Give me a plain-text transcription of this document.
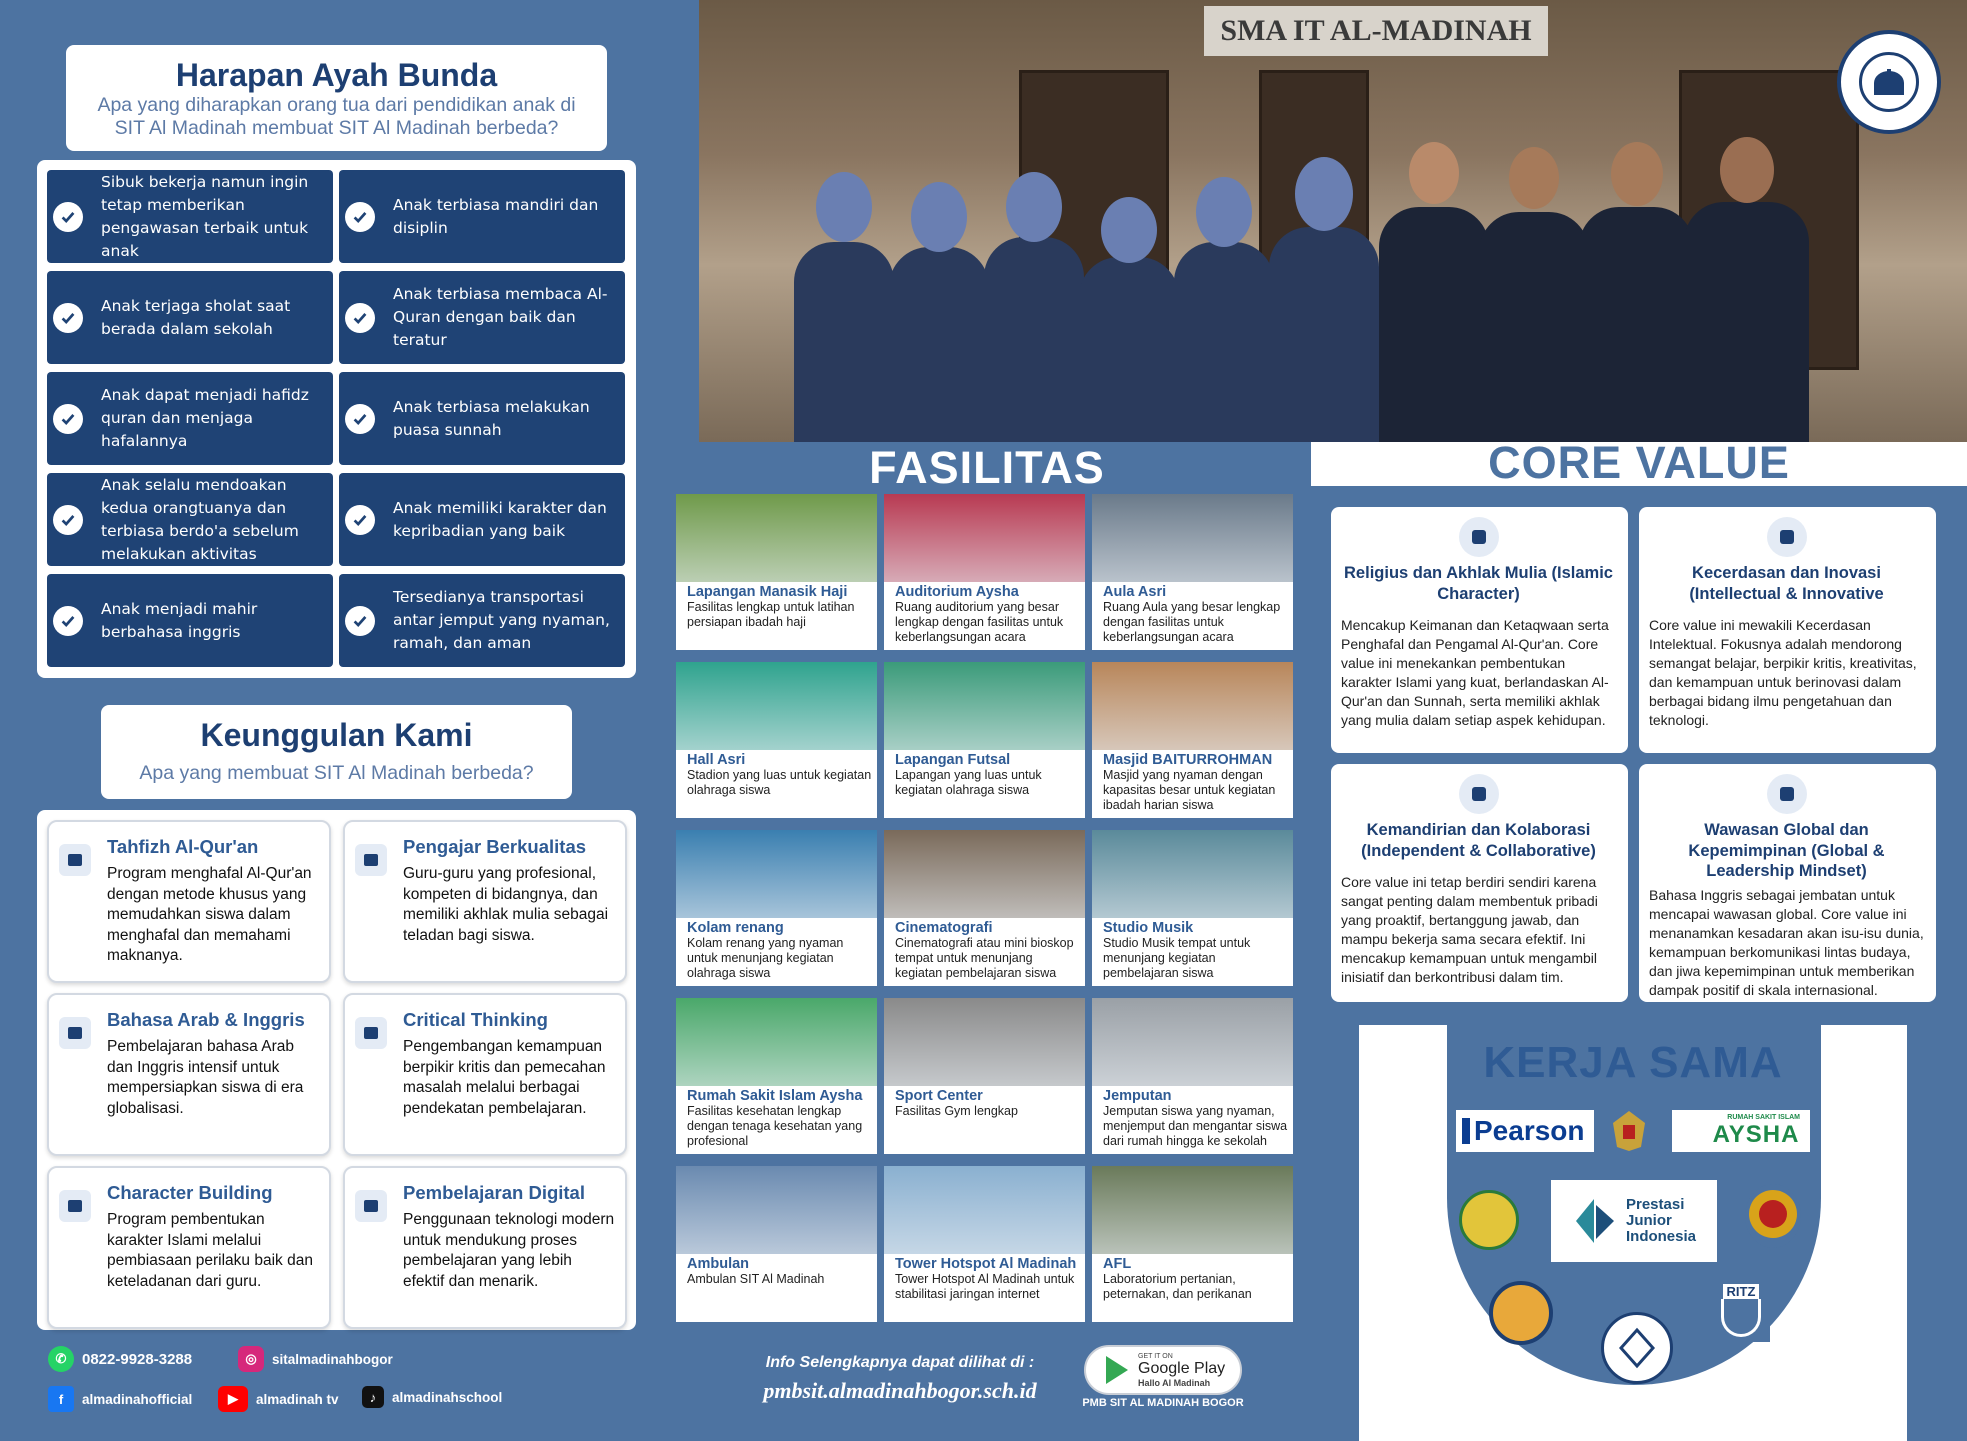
Harapan Ayah Bunda
Apa yang diharapkan orang tua dari pendidikan anak di SIT Al Madinah membuat SIT Al Madinah berbeda?
Sibuk bekerja namun ingin tetap memberikan pengawasan terbaik untuk anak
Anak terbiasa mandiri dan disiplin
Anak terjaga sholat saat berada dalam sekolah
Anak terbiasa membaca Al-Quran dengan baik dan teratur
Anak dapat menjadi hafidz quran dan menjaga hafalannya
Anak terbiasa melakukan puasa sunnah
Anak selalu mendoakan kedua orangtuanya dan terbiasa berdo'a sebelum melakukan aktivitas
Anak memiliki karakter dan kepribadian yang baik
Anak menjadi mahir berbahasa inggris
Tersedianya transportasi antar jemput yang nyaman, ramah, dan aman
Keunggulan Kami
Apa yang membuat SIT Al Madinah berbeda?
Tahfizh Al-Qur'an
Program menghafal Al-Qur'an dengan metode khusus yang memudahkan siswa dalam menghafal dan memahami maknanya.
Pengajar Berkualitas
Guru-guru yang profesional, kompeten di bidangnya, dan memiliki akhlak mulia sebagai teladan bagi siswa.
Bahasa Arab & Inggris
Pembelajaran bahasa Arab dan Inggris intensif untuk mempersiapkan siswa di era globalisasi.
Critical Thinking
Pengembangan kemampuan berpikir kritis dan pemecahan masalah melalui berbagai pendekatan pembelajaran.
Character Building
Program pembentukan karakter Islami melalui pembiasaan perilaku baik dan keteladanan dari guru.
Pembelajaran Digital
Penggunaan teknologi modern untuk mendukung proses pembelajaran yang lebih efektif dan menarik.
✆	0822-9928-3288	◎	sitalmadinahbogor
f	almadinahofficial	▶	almadinah tv	♪	almadinahschool
SMA IT AL-MADINAH
FASILITAS
Lapangan Manasik Haji
Fasilitas lengkap untuk latihan persiapan ibadah haji
Auditorium Aysha
Ruang auditorium yang besar lengkap dengan fasilitas untuk keberlangsungan acara
Aula Asri
Ruang Aula yang besar lengkap dengan fasilitas untuk keberlangsungan acara
Hall Asri
Stadion yang luas untuk kegiatan olahraga siswa
Lapangan Futsal
Lapangan yang luas untuk kegiatan olahraga siswa
Masjid BAITURROHMAN
Masjid yang nyaman dengan kapasitas besar untuk kegiatan ibadah harian siswa
Kolam renang
Kolam renang yang nyaman untuk menunjang kegiatan olahraga siswa
Cinematografi
Cinematografi atau mini bioskop tempat untuk menunjang kegiatan pembelajaran siswa
Studio Musik
Studio Musik tempat untuk menunjang kegiatan pembelajaran siswa
Rumah Sakit Islam Aysha
Fasilitas kesehatan lengkap dengan tenaga kesehatan yang profesional
Sport Center
Fasilitas Gym lengkap
Jemputan
Jemputan siswa yang nyaman, menjemput dan mengantar siswa dari rumah hingga ke sekolah
Ambulan
Ambulan SIT Al Madinah
Tower Hotspot Al Madinah
Tower Hotspot Al Madinah untuk stabilitasi jaringan internet
AFL
Laboratorium pertanian, peternakan, dan perikanan
Info Selengkapnya dapat dilihat di :
pmbsit.almadinahbogor.sch.id
GET IT ON
Google Play
Hallo Al Madinah
PMB SIT AL MADINAH BOGOR
CORE VALUE
Religius dan Akhlak Mulia (Islamic Character)
Mencakup Keimanan dan Ketaqwaan serta Penghafal dan Pengamal Al-Qur'an. Core value ini menekankan pembentukan karakter Islami yang kuat, berlandaskan Al-Qur'an dan Sunnah, serta memiliki akhlak yang mulia dalam setiap aspek kehidupan.
Kecerdasan dan Inovasi (Intellectual & Innovative
Core value ini mewakili Kecerdasan Intelektual. Fokusnya adalah mendorong semangat belajar, berpikir kritis, kreativitas, dan kemampuan untuk berinovasi dalam berbagai bidang ilmu pengetahuan dan teknologi.
Kemandirian dan Kolaborasi (Independent & Collaborative)
Core value ini tetap berdiri sendiri karena sangat penting dalam membentuk pribadi yang proaktif, bertanggung jawab, dan mampu bekerja sama secara efektif. Ini mencakup kemampuan untuk mengambil inisiatif dan berkontribusi dalam tim.
Wawasan Global dan Kepemimpinan (Global & Leadership Mindset)
Bahasa Inggris sebagai jembatan untuk mencapai wawasan global. Core value ini menanamkan kesadaran akan isu-isu dunia, kemampuan berkomunikasi lintas budaya, dan jiwa kepemimpinan untuk memberikan dampak positif di skala internasional.
KERJA SAMA
Pearson	RUMAH SAKIT ISLAM
AYSHA
Prestasi
Junior
Indonesia
RITZ
